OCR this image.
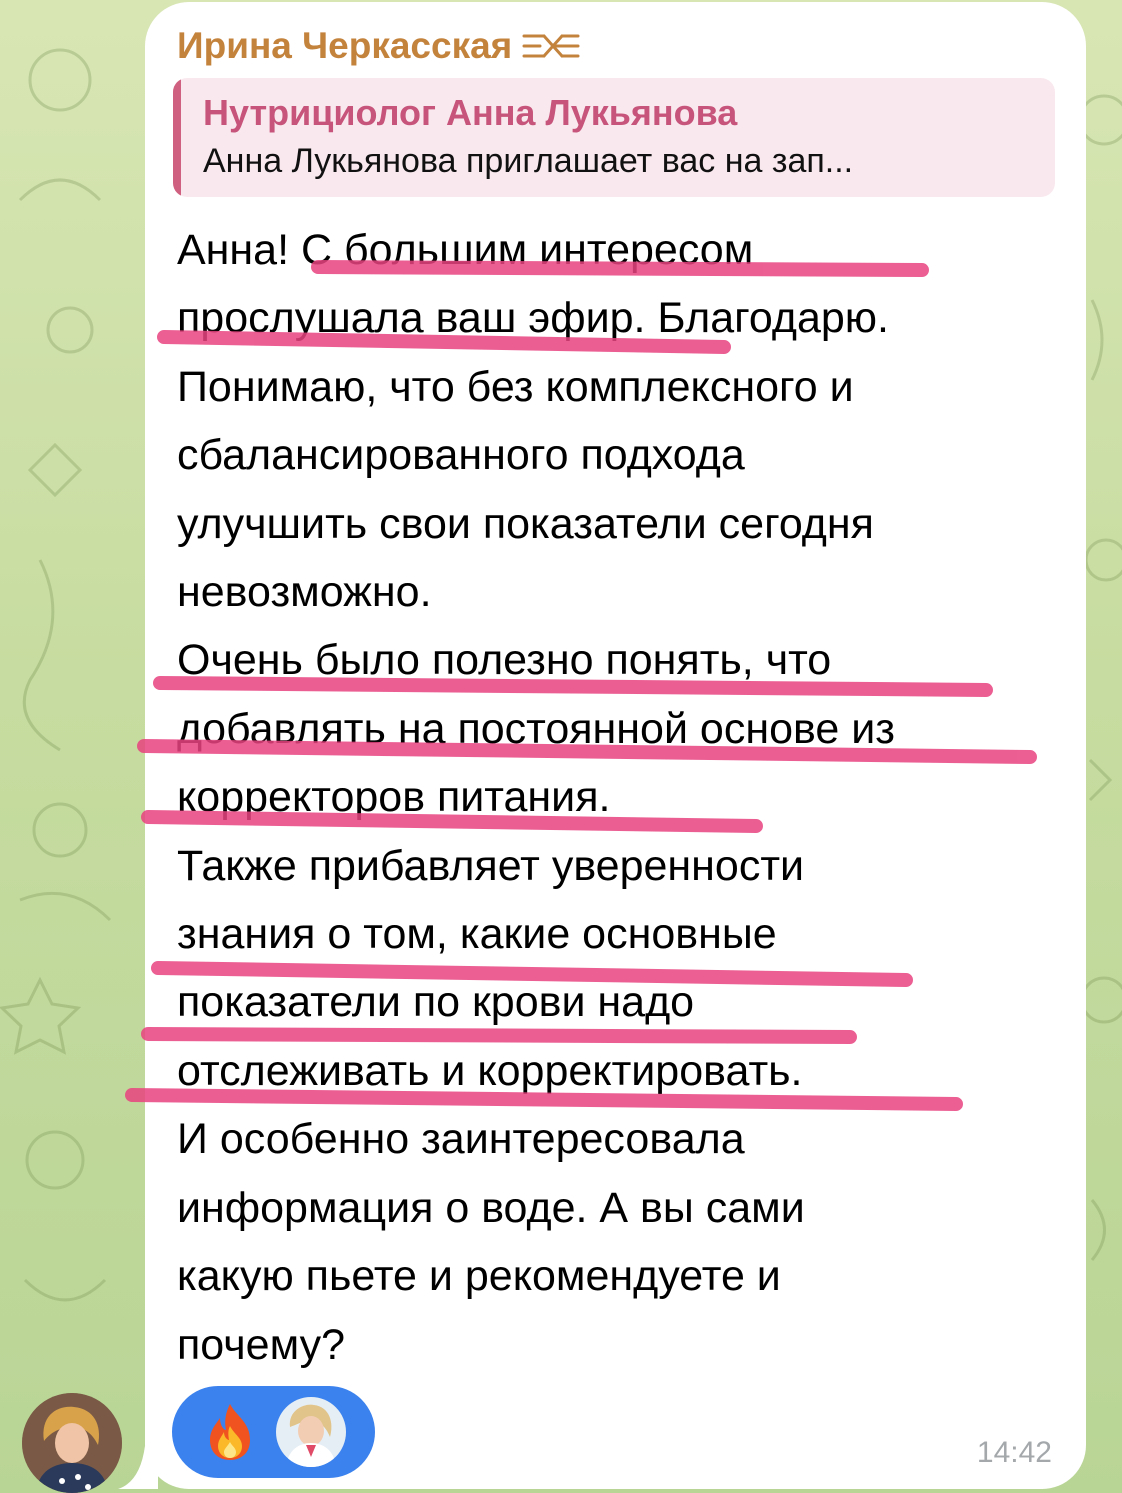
Ирина Черкасская
Нутрициолог Анна Лукьянова
Анна Лукьянова приглашает вас на зап...

Анна! С большим интересом

прослушала ваш эфир. Благодарю.

Понимаю, что без комплексного и

сбалансированного подхода

улучшить свои показатели сегодня

невозможно.

Очень было полезно понять, что

добавлять на постоянной основе из

корректоров питания.

Также прибавляет уверенности

знания о том, какие основные

показатели по крови надо

отслеживать и корректировать.

И особенно заинтересовала

информация о воде. А вы сами

какую пьете и рекомендуете и

почему?

14:42
